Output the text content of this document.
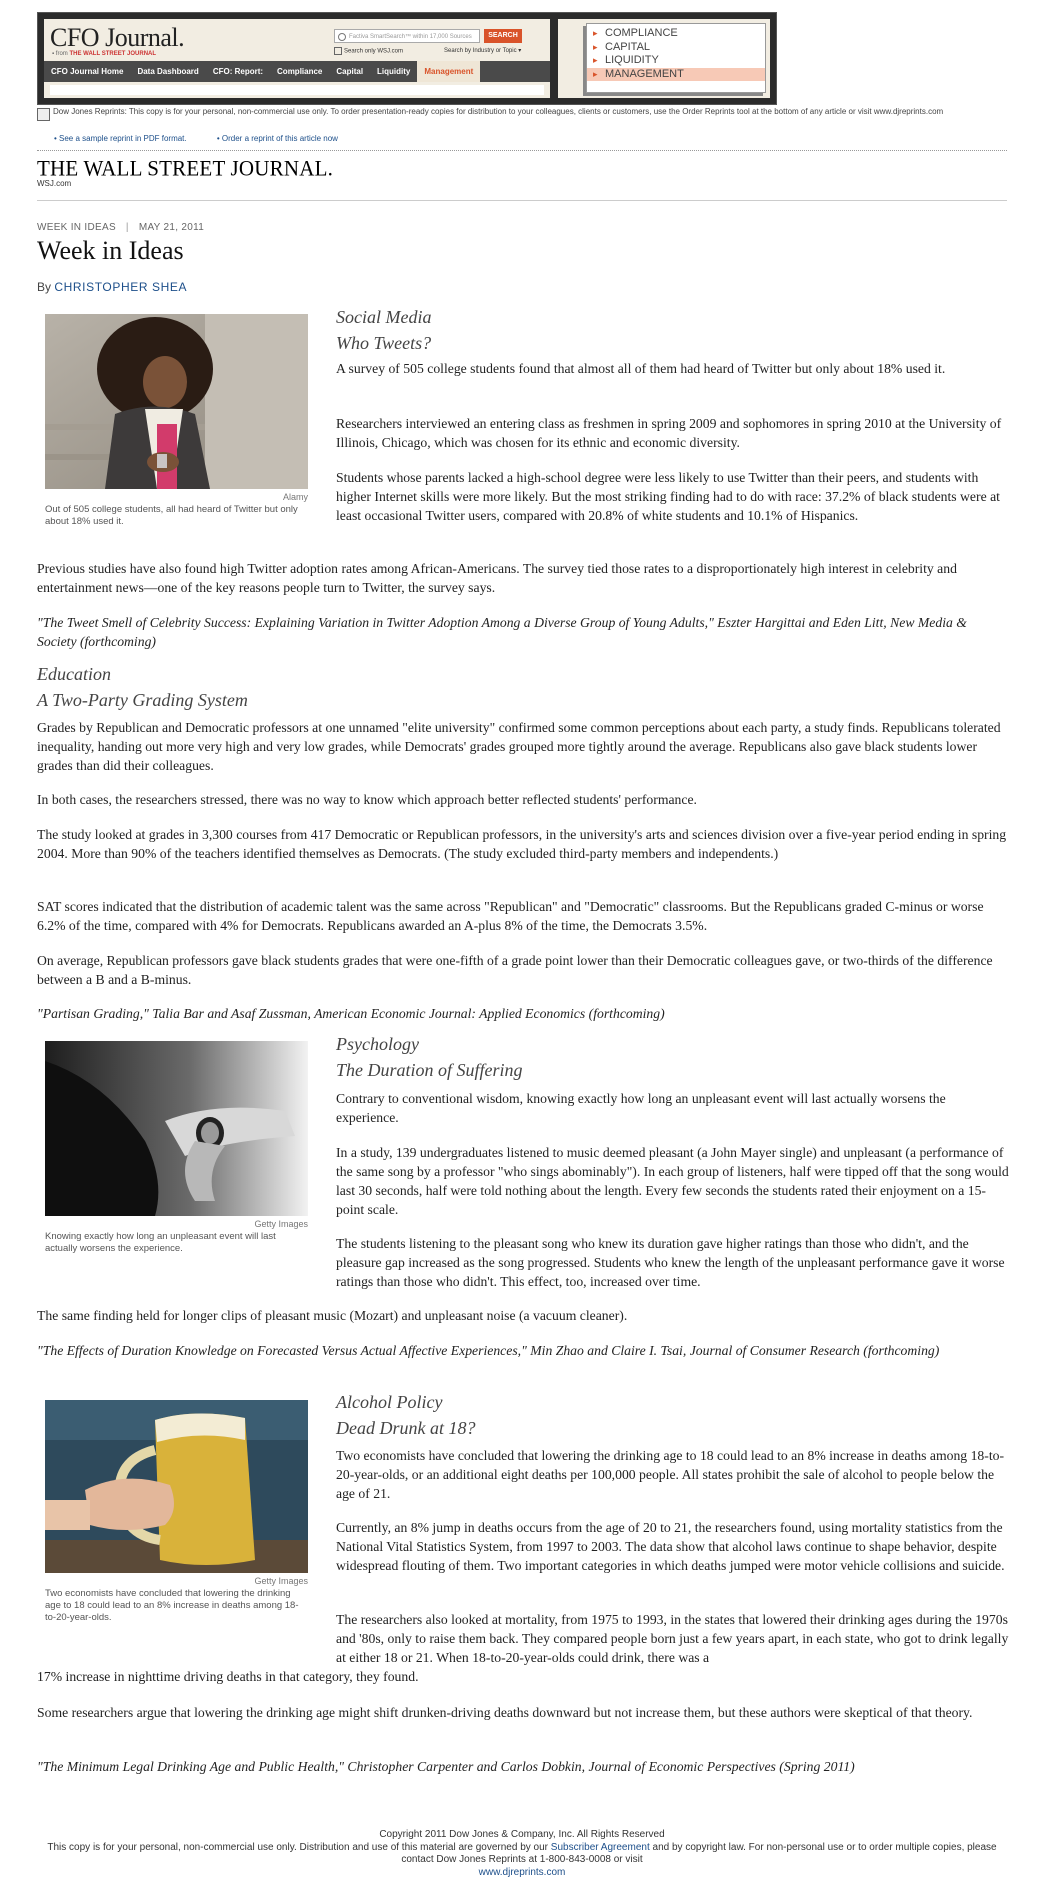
CFO Journal.
▪ from THE WALL STREET JOURNAL
Factiva SmartSearch™ within 17,000 Sources	SEARCH
Search only WSJ.com	Search by Industry or Topic ▾
CFO Journal Home	Data Dashboard	CFO: Report:	Compliance	Capital	Liquidity	Management
▸ COMPLIANCE
▸ CAPITAL
▸ LIQUIDITY
▸ MANAGEMENT
Dow Jones Reprints: This copy is for your personal, non-commercial use only. To order presentation-ready copies for distribution to your colleagues, clients or customers, use the Order Reprints tool at the bottom of any article or visit www.djreprints.com
• See a sample reprint in PDF format.	• Order a reprint of this article now
THE WALL STREET JOURNAL.
WSJ.com
WEEK IN IDEAS | MAY 21, 2011
Week in Ideas
By CHRISTOPHER SHEA
Alamy
Out of 505 college students, all had heard of Twitter but only about 18% used it.
Social Media
Who Tweets?
A survey of 505 college students found that almost all of them had heard of Twitter but only about 18% used it.
Researchers interviewed an entering class as freshmen in spring 2009 and sophomores in spring 2010 at the University of Illinois, Chicago, which was chosen for its ethnic and economic diversity.
Students whose parents lacked a high-school degree were less likely to use Twitter than their peers, and students with higher Internet skills were more likely. But the most striking finding had to do with race: 37.2% of black students were at least occasional Twitter users, compared with 20.8% of white students and 10.1% of Hispanics.
Previous studies have also found high Twitter adoption rates among African-Americans. The survey tied those rates to a disproportionately high interest in celebrity and entertainment news—one of the key reasons people turn to Twitter, the survey says.
"The Tweet Smell of Celebrity Success: Explaining Variation in Twitter Adoption Among a Diverse Group of Young Adults," Eszter Hargittai and Eden Litt, New Media & Society (forthcoming)
Education
A Two-Party Grading System
Grades by Republican and Democratic professors at one unnamed "elite university" confirmed some common perceptions about each party, a study finds. Republicans tolerated inequality, handing out more very high and very low grades, while Democrats' grades grouped more tightly around the average. Republicans also gave black students lower grades than did their colleagues.
In both cases, the researchers stressed, there was no way to know which approach better reflected students' performance.
The study looked at grades in 3,300 courses from 417 Democratic or Republican professors, in the university's arts and sciences division over a five-year period ending in spring 2004. More than 90% of the teachers identified themselves as Democrats. (The study excluded third-party members and independents.)
SAT scores indicated that the distribution of academic talent was the same across "Republican" and "Democratic" classrooms. But the Republicans graded C-minus or worse 6.2% of the time, compared with 4% for Democrats. Republicans awarded an A-plus 8% of the time, the Democrats 3.5%.
On average, Republican professors gave black students grades that were one-fifth of a grade point lower than their Democratic colleagues gave, or two-thirds of the difference between a B and a B-minus.
"Partisan Grading," Talia Bar and Asaf Zussman, American Economic Journal: Applied Economics (forthcoming)
Getty Images
Knowing exactly how long an unpleasant event will last actually worsens the experience.
Psychology
The Duration of Suffering
Contrary to conventional wisdom, knowing exactly how long an unpleasant event will last actually worsens the experience.
In a study, 139 undergraduates listened to music deemed pleasant (a John Mayer single) and unpleasant (a performance of the same song by a professor "who sings abominably"). In each group of listeners, half were tipped off that the song would last 30 seconds, half were told nothing about the length. Every few seconds the students rated their enjoyment on a 15-point scale.
The students listening to the pleasant song who knew its duration gave higher ratings than those who didn't, and the pleasure gap increased as the song progressed. Students who knew the length of the unpleasant performance gave it worse ratings than those who didn't. This effect, too, increased over time.
The same finding held for longer clips of pleasant music (Mozart) and unpleasant noise (a vacuum cleaner).
"The Effects of Duration Knowledge on Forecasted Versus Actual Affective Experiences," Min Zhao and Claire I. Tsai, Journal of Consumer Research (forthcoming)
Getty Images
Two economists have concluded that lowering the drinking age to 18 could lead to an 8% increase in deaths among 18-to-20-year-olds.
Alcohol Policy
Dead Drunk at 18?
Two economists have concluded that lowering the drinking age to 18 could lead to an 8% increase in deaths among 18-to-20-year-olds, or an additional eight deaths per 100,000 people. All states prohibit the sale of alcohol to people below the age of 21.
Currently, an 8% jump in deaths occurs from the age of 20 to 21, the researchers found, using mortality statistics from the National Vital Statistics System, from 1997 to 2003. The data show that alcohol laws continue to shape behavior, despite widespread flouting of them. Two important categories in which deaths jumped were motor vehicle collisions and suicide.
The researchers also looked at mortality, from 1975 to 1993, in the states that lowered their drinking ages during the 1970s and '80s, only to raise them back. They compared people born just a few years apart, in each state, who got to drink legally at either 18 or 21. When 18-to-20-year-olds could drink, there was a
17% increase in nighttime driving deaths in that category, they found.
Some researchers argue that lowering the drinking age might shift drunken-driving deaths downward but not increase them, but these authors were skeptical of that theory.
"The Minimum Legal Drinking Age and Public Health," Christopher Carpenter and Carlos Dobkin, Journal of Economic Perspectives (Spring 2011)
Copyright 2011 Dow Jones & Company, Inc. All Rights Reserved
This copy is for your personal, non-commercial use only. Distribution and use of this material are governed by our Subscriber Agreement and by copyright law. For non-personal use or to order multiple copies, please contact Dow Jones Reprints at 1-800-843-0008 or visit
www.djreprints.com
